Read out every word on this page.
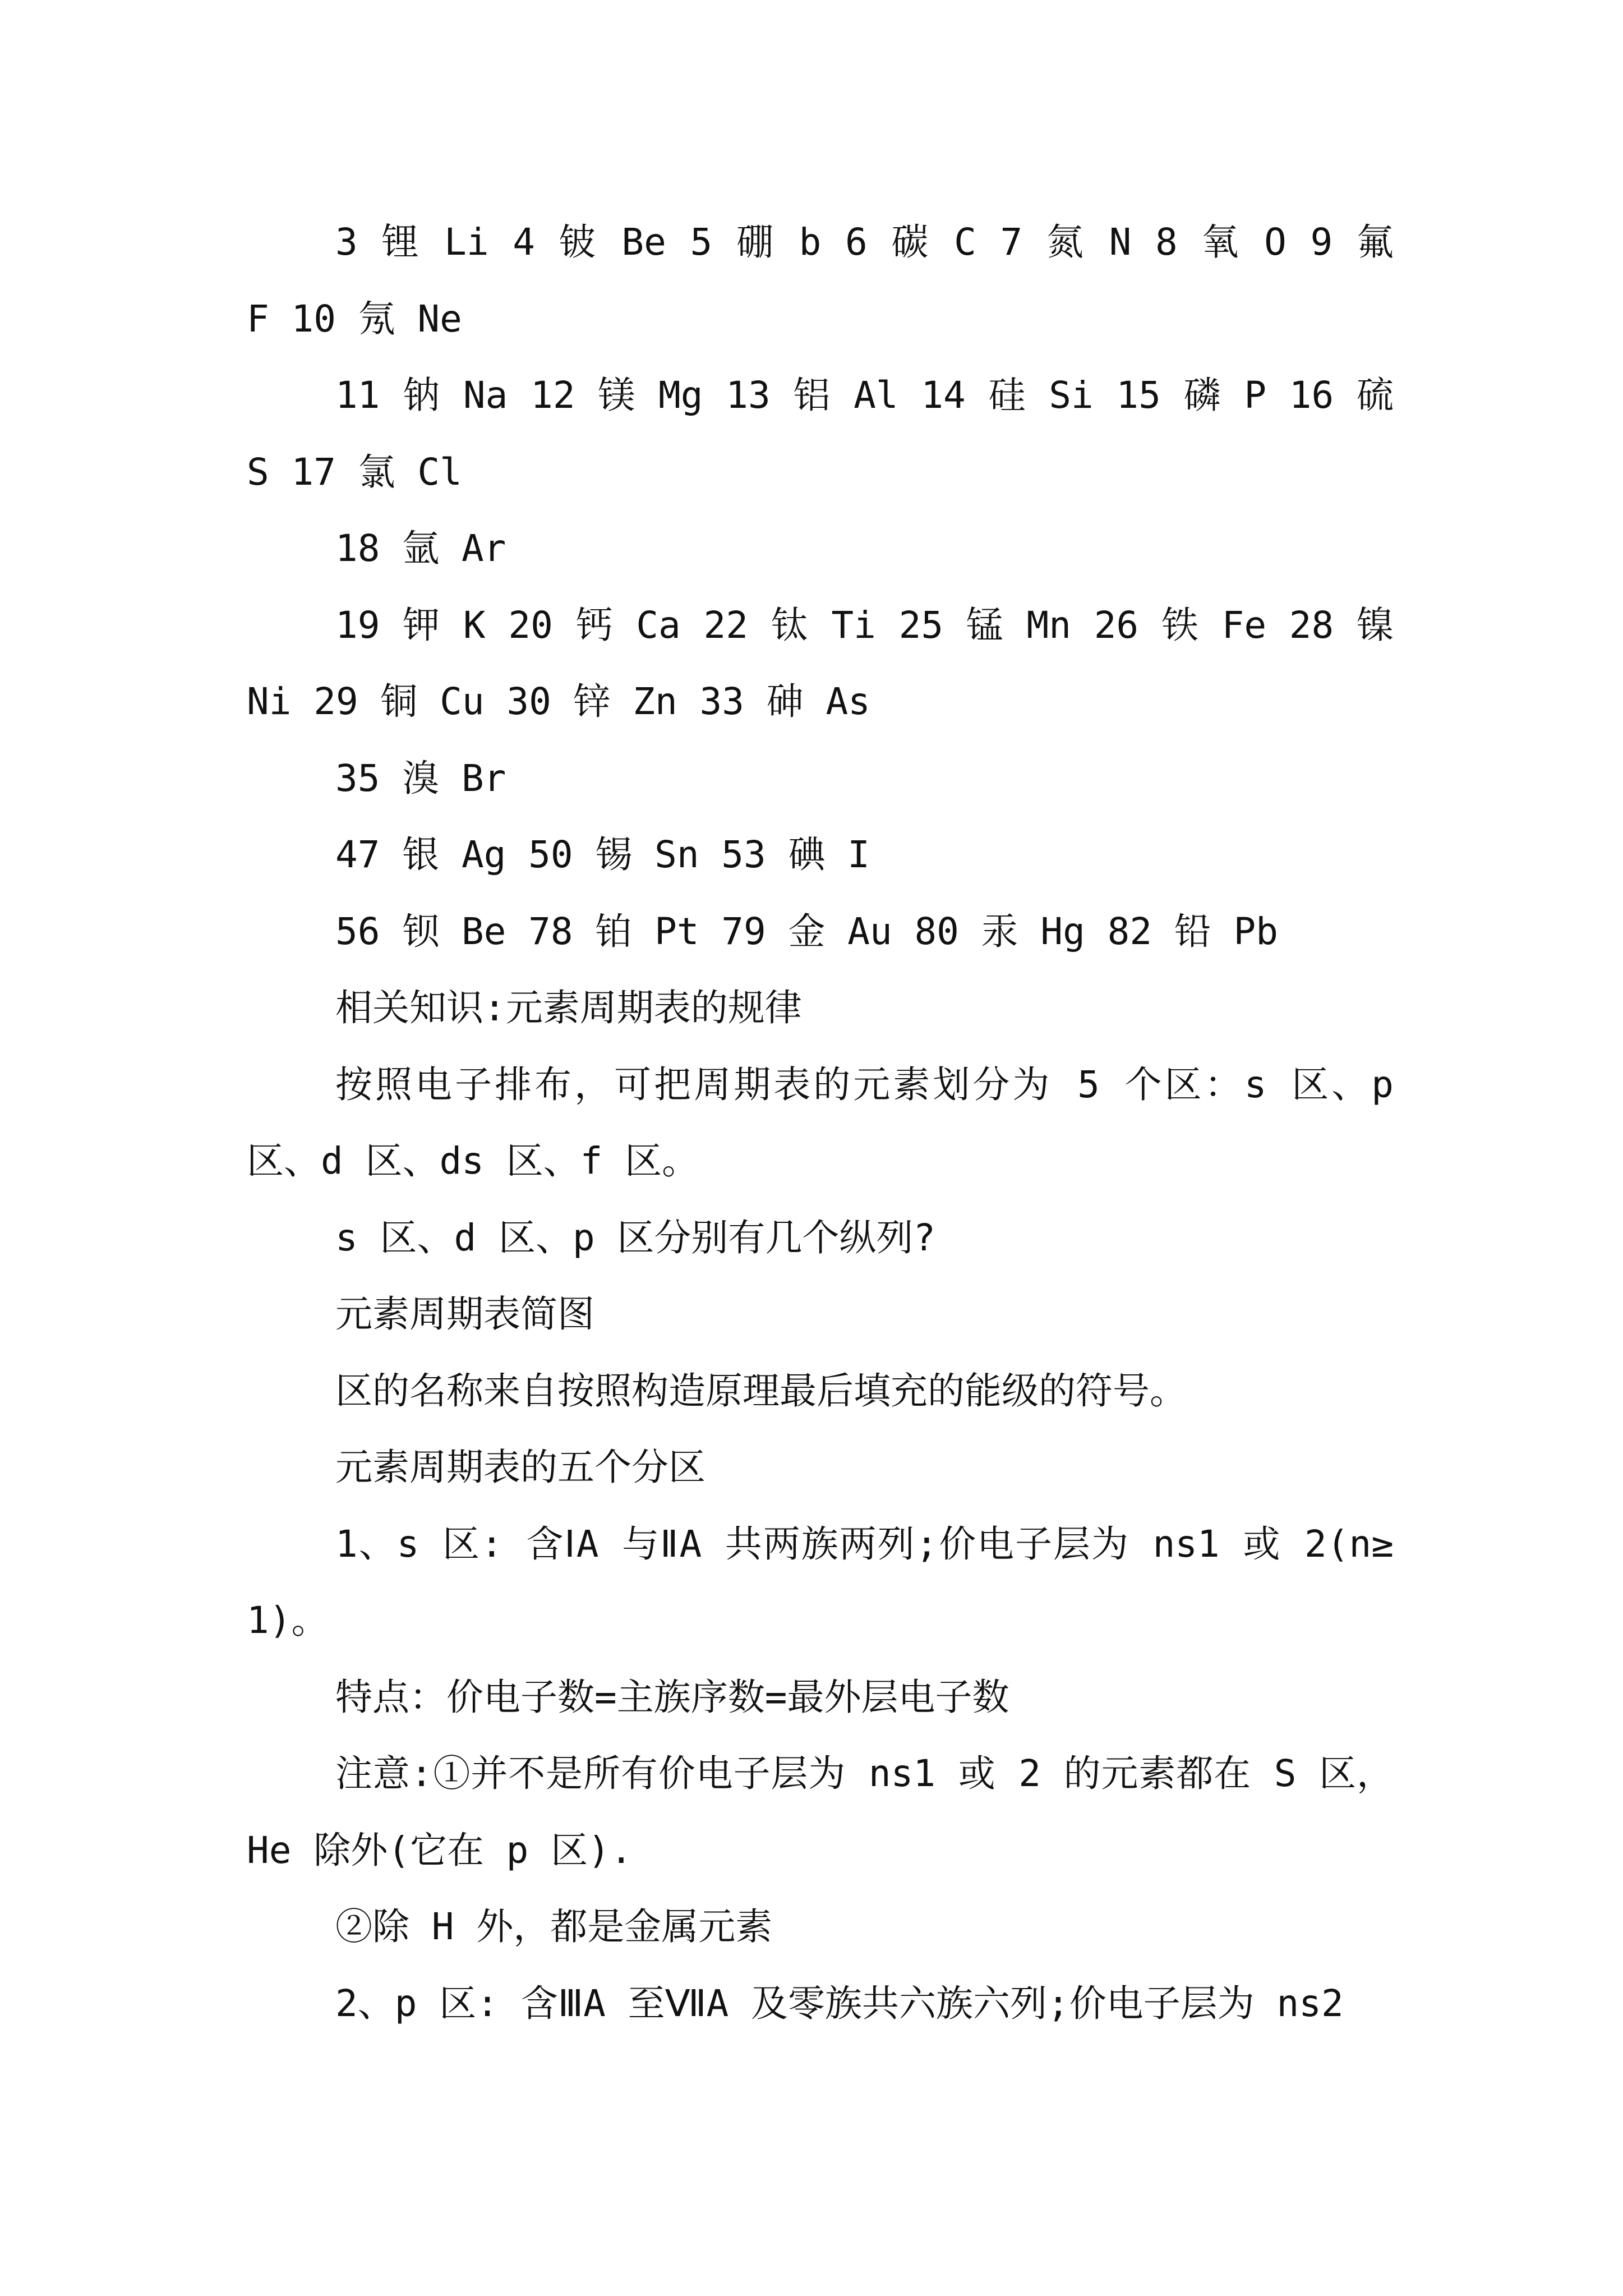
3 锂 Li 4 铍 Be 5 硼 b 6 碳 C 7 氮 N 8 氧 O 9 氟 F 10 氖 Ne

11 钠 Na 12 镁 Mg 13 铝 Al 14 硅 Si 15 磷 P 16 硫 S 17 氯 Cl

18 氩 Ar

19 钾 K 20 钙 Ca 22 钛 Ti 25 锰 Mn 26 铁 Fe 28 镍 Ni 29 铜 Cu 30 锌 Zn 33 砷 As

35 溴 Br

47 银 Ag 50 锡 Sn 53 碘 I

56 钡 Be 78 铂 Pt 79 金 Au 80 汞 Hg 82 铅 Pb

相关知识:元素周期表的规律

按照电子排布，可把周期表的元素划分为 5 个区：s 区、p 区、d 区、ds 区、f 区。

s 区、d 区、p 区分别有几个纵列?

元素周期表简图

区的名称来自按照构造原理最后填充的能级的符号。

元素周期表的五个分区

1、s 区: 含ⅠA 与ⅡA 共两族两列;价电子层为 ns1 或 2(n≥1)。

特点：价电子数=主族序数=最外层电子数

注意:①并不是所有价电子层为 ns1 或 2 的元素都在 S 区， He 除外(它在 p 区).

②除 H 外，都是金属元素

2、p 区: 含ⅢA 至ⅦA 及零族共六族六列;价电子层为 ns2
